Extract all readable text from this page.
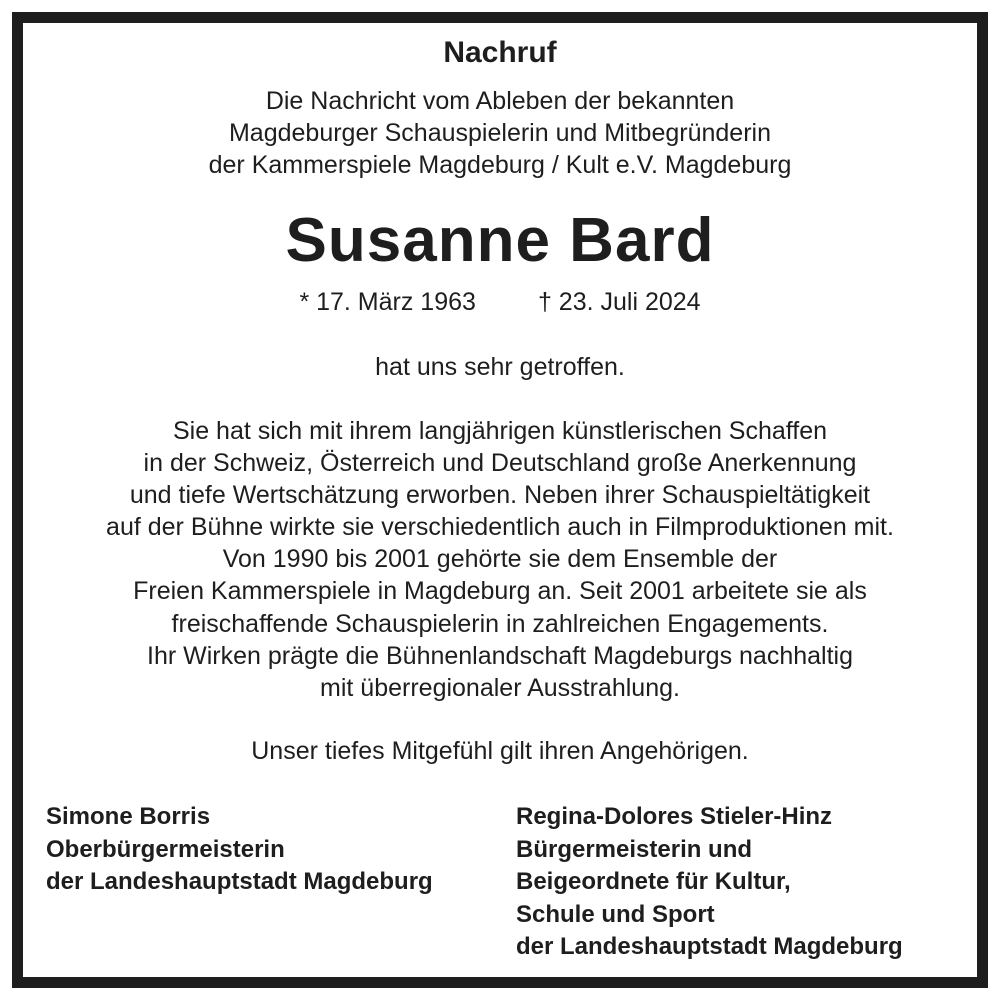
Nachruf
Die Nachricht vom Ableben der bekannten
Magdeburger Schauspielerin und Mitbegründerin
der Kammerspiele Magdeburg / Kult e.V. Magdeburg
Susanne Bard
* 17. März 1963 † 23. Juli 2024
hat uns sehr getroffen.
Sie hat sich mit ihrem langjährigen künstlerischen Schaffen
in der Schweiz, Österreich und Deutschland große Anerkennung
und tiefe Wertschätzung erworben. Neben ihrer Schauspieltätigkeit
auf der Bühne wirkte sie verschiedentlich auch in Filmproduktionen mit.
Von 1990 bis 2001 gehörte sie dem Ensemble der
Freien Kammerspiele in Magdeburg an. Seit 2001 arbeitete sie als
freischaffende Schauspielerin in zahlreichen Engagements.
Ihr Wirken prägte die Bühnenlandschaft Magdeburgs nachhaltig
mit überregionaler Ausstrahlung.
Unser tiefes Mitgefühl gilt ihren Angehörigen.
Simone Borris
Oberbürgermeisterin
der Landeshauptstadt Magdeburg
Regina-Dolores Stieler-Hinz
Bürgermeisterin und
Beigeordnete für Kultur,
Schule und Sport
der Landeshauptstadt Magdeburg
